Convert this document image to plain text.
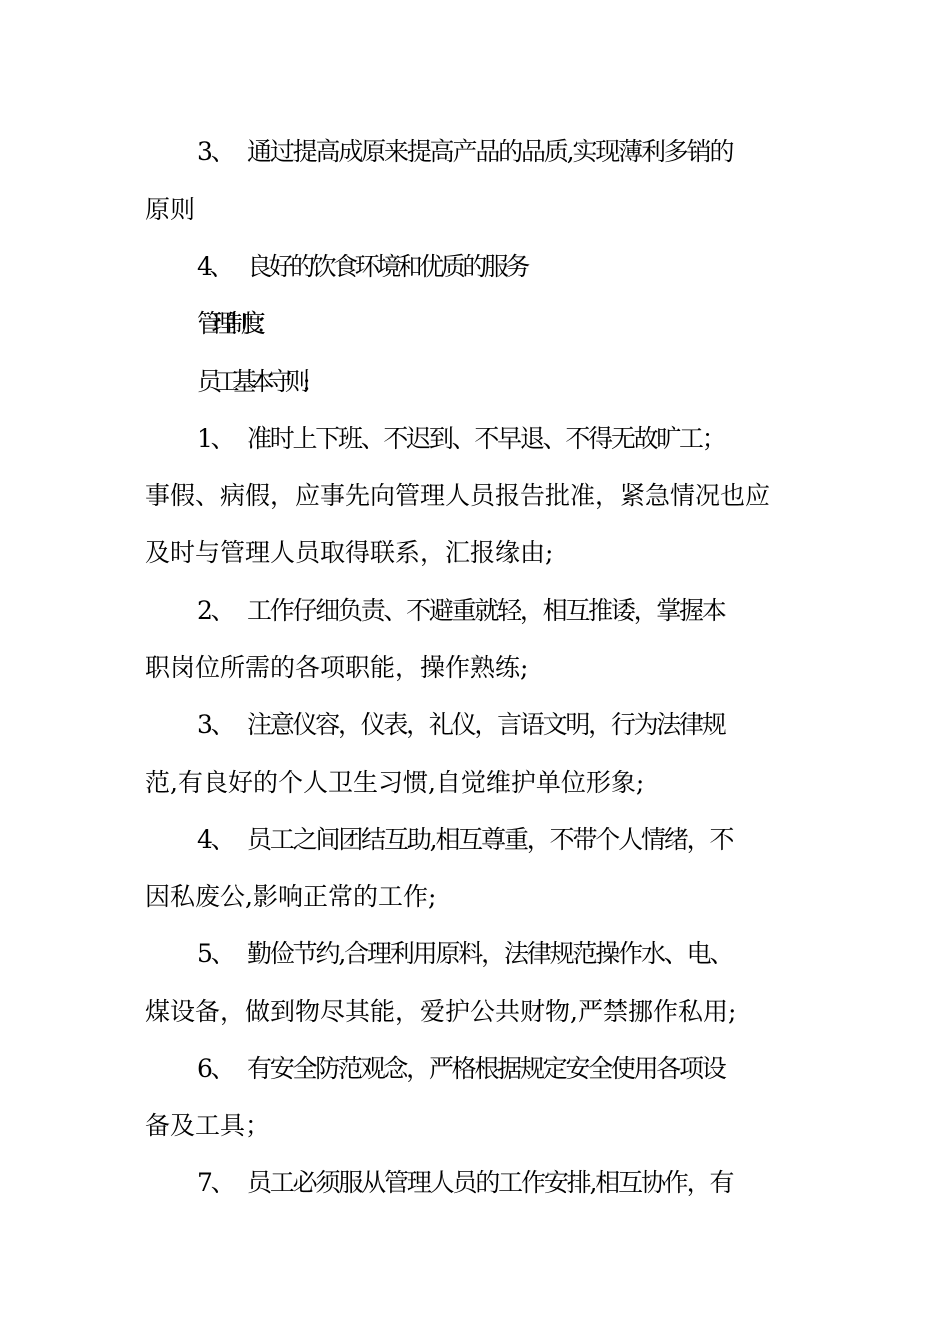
3、 通过提高成原来提高产品的品质,实现薄利多销的
原则
4、 良好的饮食环境和优质的服务
管理制度：
员工基本守则:
1、 准时上下班、不迟到、不早退、不得无故旷工；
事假、病假，应事先向管理人员报告批准，紧急情况也应
及时与管理人员取得联系，汇报缘由;
2、 工作仔细负责、不避重就轻，相互推诿，掌握本
职岗位所需的各项职能，操作熟练;
3、 注意仪容，仪表，礼仪，言语文明，行为法律规
范,有良好的个人卫生习惯,自觉维护单位形象;
4、 员工之间团结互助,相互尊重，不带个人情绪，不
因私废公,影响正常的工作;
5、 勤俭节约,合理利用原料，法律规范操作水、电、
煤设备，做到物尽其能，爱护公共财物,严禁挪作私用;
6、 有安全防范观念，严格根据规定安全使用各项设
备及工具；
7、 员工必须服从管理人员的工作安排,相互协作，有
